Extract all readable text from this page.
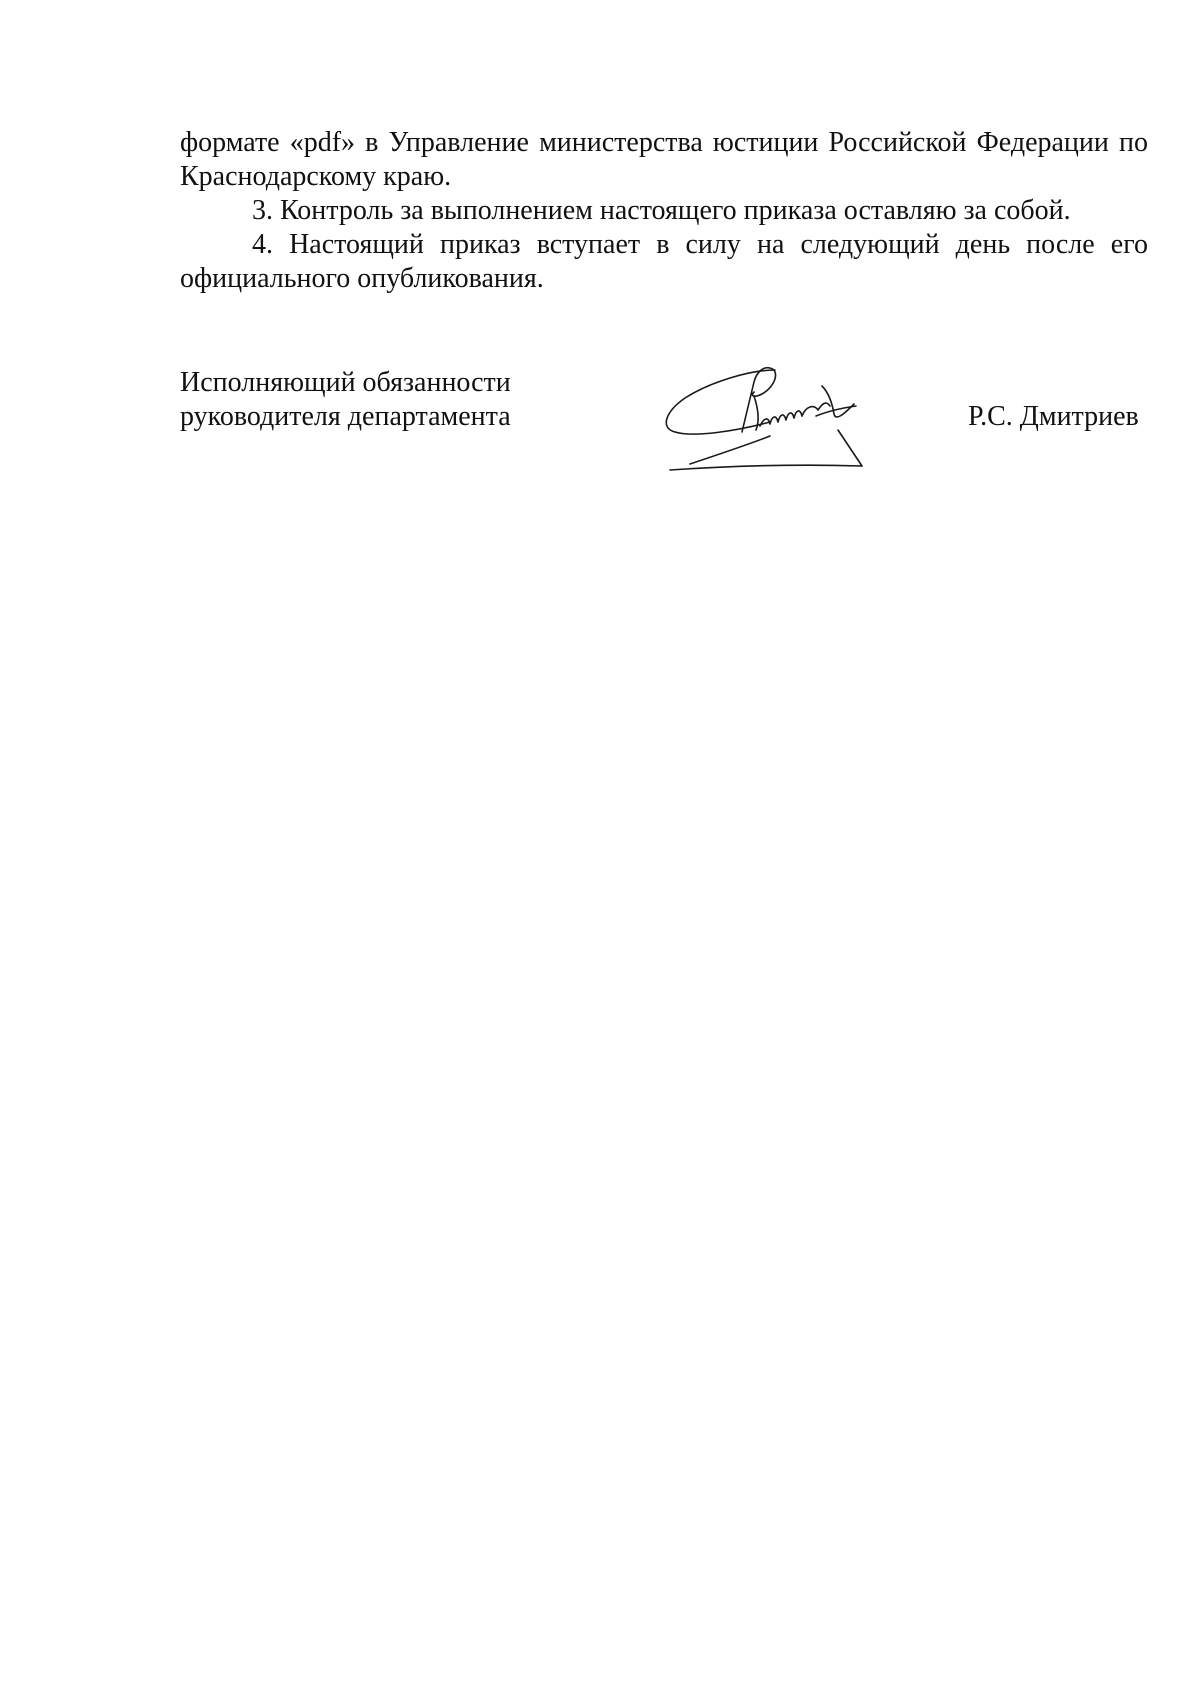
формате «pdf» в Управление министерства юстиции Российской Федерации по
Краснодарскому краю.

3. Контроль за выполнением настоящего приказа оставляю за собой.

4. Настоящий приказ вступает в силу на следующий день после его
официального опубликования.

Исполняющий обязанности
руководителя департамента	Р.С. Дмитриев
